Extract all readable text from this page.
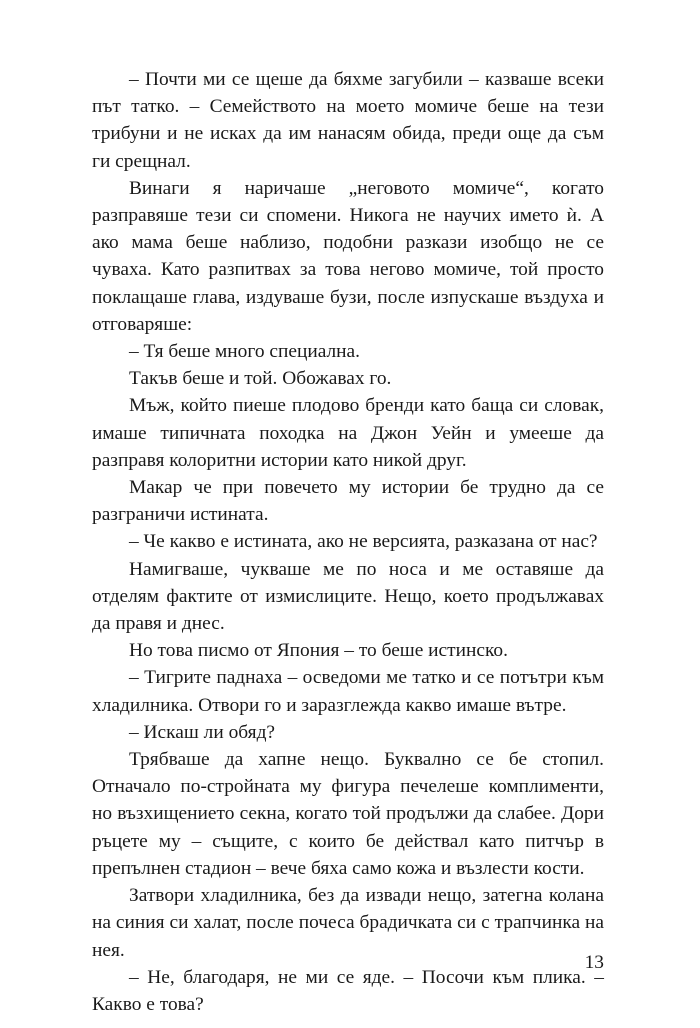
– Почти ми се щеше да бяхме загубили – казваше всеки път татко. – Семейството на моето момиче беше на тези трибуни и не исках да им нанасям обида, преди още да съм ги срещнал.

Винаги я наричаше „неговото момиче“, когато разправяше тези си спомени. Никога не научих името ѝ. А ако мама беше наблизо, подобни разкази изобщо не се чуваха. Като разпитвах за това негово момиче, той просто поклащаше глава, издуваше бузи, после изпускаше въздуха и отговаряше:

– Тя беше много специална.

Такъв беше и той. Обожавах го.

Мъж, който пиеше плодово бренди като баща си словак, имаше типичната походка на Джон Уейн и умееше да разправя колоритни истории като никой друг.

Макар че при повечето му истории бе трудно да се разграничи истината.

– Че какво е истината, ако не версията, разказана от нас?

Намигваше, чукваше ме по носа и ме оставяше да отделям фактите от измислиците. Нещо, което продължавах да правя и днес.

Но това писмо от Япония – то беше истинско.

– Тигрите паднаха – осведоми ме татко и се потътри към хладилника. Отвори го и заразглежда какво имаше вътре.

– Искаш ли обяд?

Трябваше да хапне нещо. Буквално се бе стопил. Отначало по-стройната му фигура печелеше комплименти, но възхищението секна, когато той продължи да слабее. Дори ръцете му – същите, с които бе действал като питчър в препълнен стадион – вече бяха само кожа и възлести кости.

Затвори хладилника, без да извади нещо, затегна колана на синия си халат, после почеса брадичката си с трапчинка на нея.

– Не, благодаря, не ми се яде. – Посочи към плика. – Какво е това?

13
